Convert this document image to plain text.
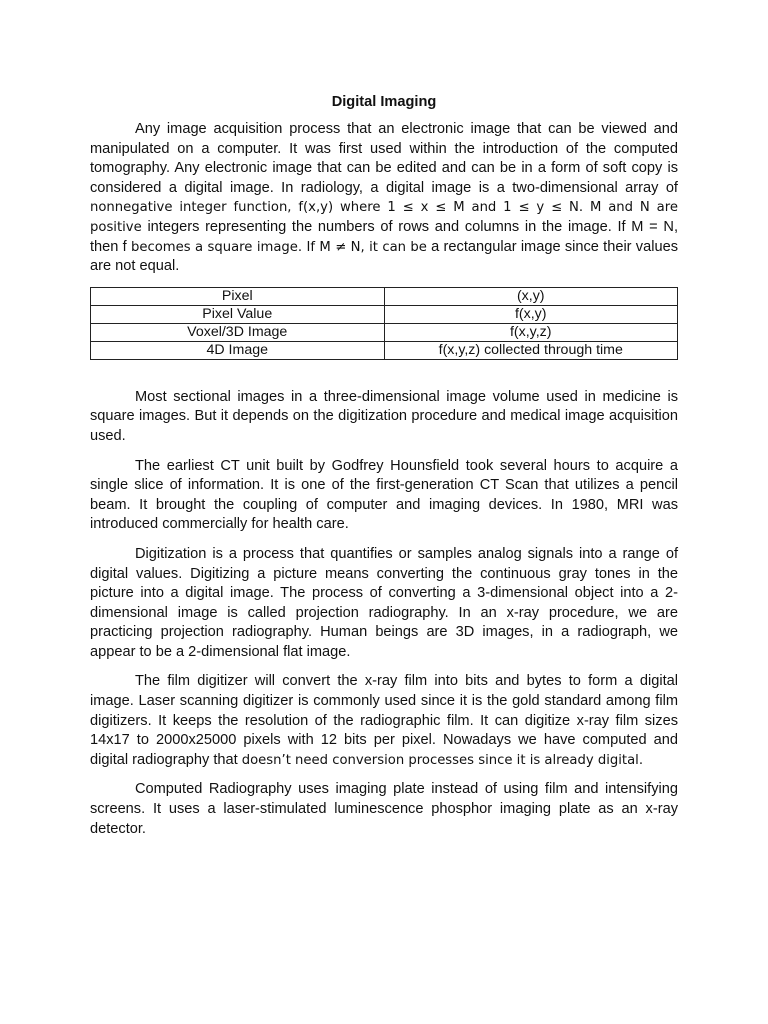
Digital Imaging

Any image acquisition process that an electronic image that can be viewed and manipulated on a computer. It was first used within the introduction of the computed tomography. Any electronic image that can be edited and can be in a form of soft copy is considered a digital image. In radiology, a digital image is a two-dimensional array of nonnegative integer function, f(x,y) where 1 ≤ x ≤ M and 1 ≤ y ≤ N. M and N are positive integers representing the numbers of rows and columns in the image. If M = N, then f becomes a square image. If M ≠ N, it can be a rectangular image since their values are not equal.

Pixel	(x,y)
Pixel Value	f(x,y)
Voxel/3D Image	f(x,y,z)
4D Image	f(x,y,z) collected through time

Most sectional images in a three-dimensional image volume used in medicine is square images. But it depends on the digitization procedure and medical image acquisition used.

The earliest CT unit built by Godfrey Hounsfield took several hours to acquire a single slice of information. It is one of the first-generation CT Scan that utilizes a pencil beam. It brought the coupling of computer and imaging devices. In 1980, MRI was introduced commercially for health care.

Digitization is a process that quantifies or samples analog signals into a range of digital values. Digitizing a picture means converting the continuous gray tones in the picture into a digital image. The process of converting a 3-dimensional object into a 2-dimensional image is called projection radiography. In an x-ray procedure, we are practicing projection radiography. Human beings are 3D images, in a radiograph, we appear to be a 2-dimensional flat image.

The film digitizer will convert the x-ray film into bits and bytes to form a digital image. Laser scanning digitizer is commonly used since it is the gold standard among film digitizers. It keeps the resolution of the radiographic film. It can digitize x-ray film sizes 14x17 to 2000x25000 pixels with 12 bits per pixel. Nowadays we have computed and digital radiography that doesn’t need conversion processes since it is already digital.

Computed Radiography uses imaging plate instead of using film and intensifying screens. It uses a laser-stimulated luminescence phosphor imaging plate as an x-ray detector.
